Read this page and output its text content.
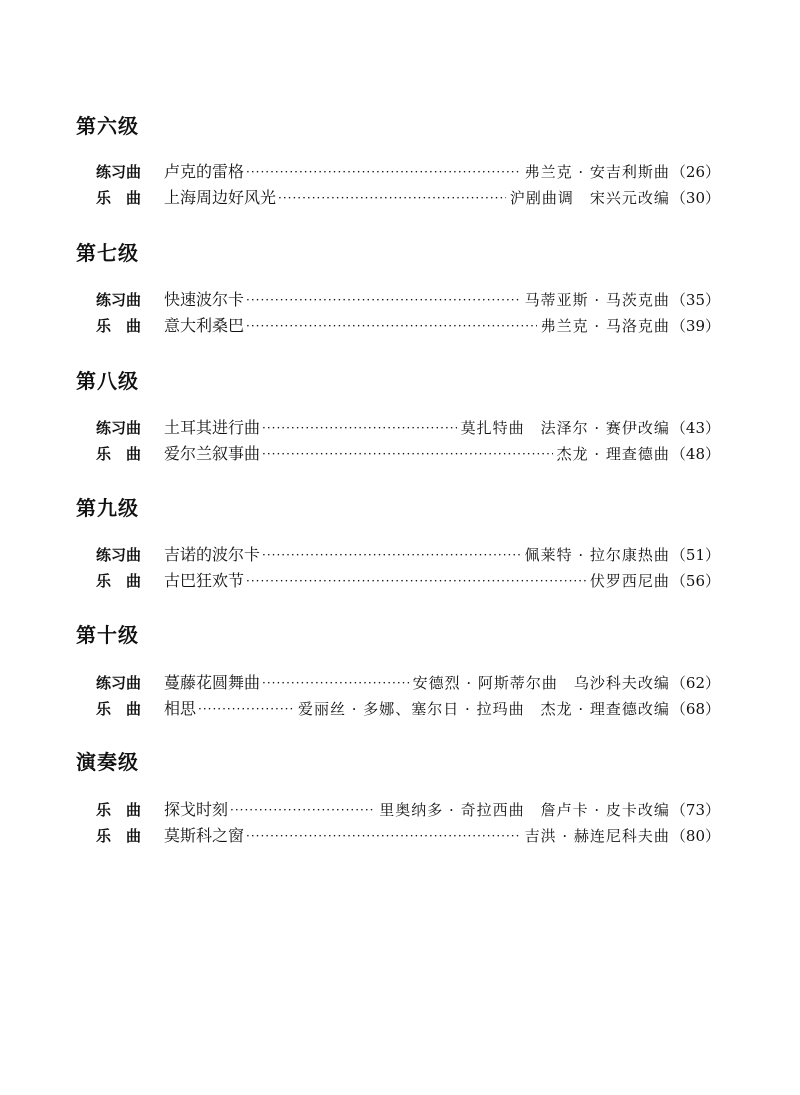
第六级
练习曲	卢克的雷格 ·····	弗兰克 · 安吉利斯曲 （26）
乐　曲	上海周边好风光 ·····	沪剧曲调　宋兴元改编 （30）
第七级
练习曲	快速波尔卡 ·····	马蒂亚斯 · 马茨克曲 （35）
乐　曲	意大利桑巴 ·····	弗兰克 · 马洛克曲 （39）
第八级
练习曲	土耳其进行曲 ·····	莫扎特曲　法泽尔 · 赛伊改编 （43）
乐　曲	爱尔兰叙事曲 ·····	杰龙 · 理查德曲 （48）
第九级
练习曲	吉诺的波尔卡 ·····	佩莱特 · 拉尔康热曲 （51）
乐　曲	古巴狂欢节 ·····	伏罗西尼曲 （56）
第十级
练习曲	蔓藤花圆舞曲 ·····	安德烈 · 阿斯蒂尔曲　乌沙科夫改编 （62）
乐　曲	相思 ·····	爱丽丝 · 多娜、塞尔日 · 拉玛曲　杰龙 · 理查德改编 （68）
演奏级
乐　曲	探戈时刻 ·····	里奥纳多 · 奇拉西曲　詹卢卡 · 皮卡改编 （73）
乐　曲	莫斯科之窗 ·····	吉洪 · 赫连尼科夫曲 （80）
